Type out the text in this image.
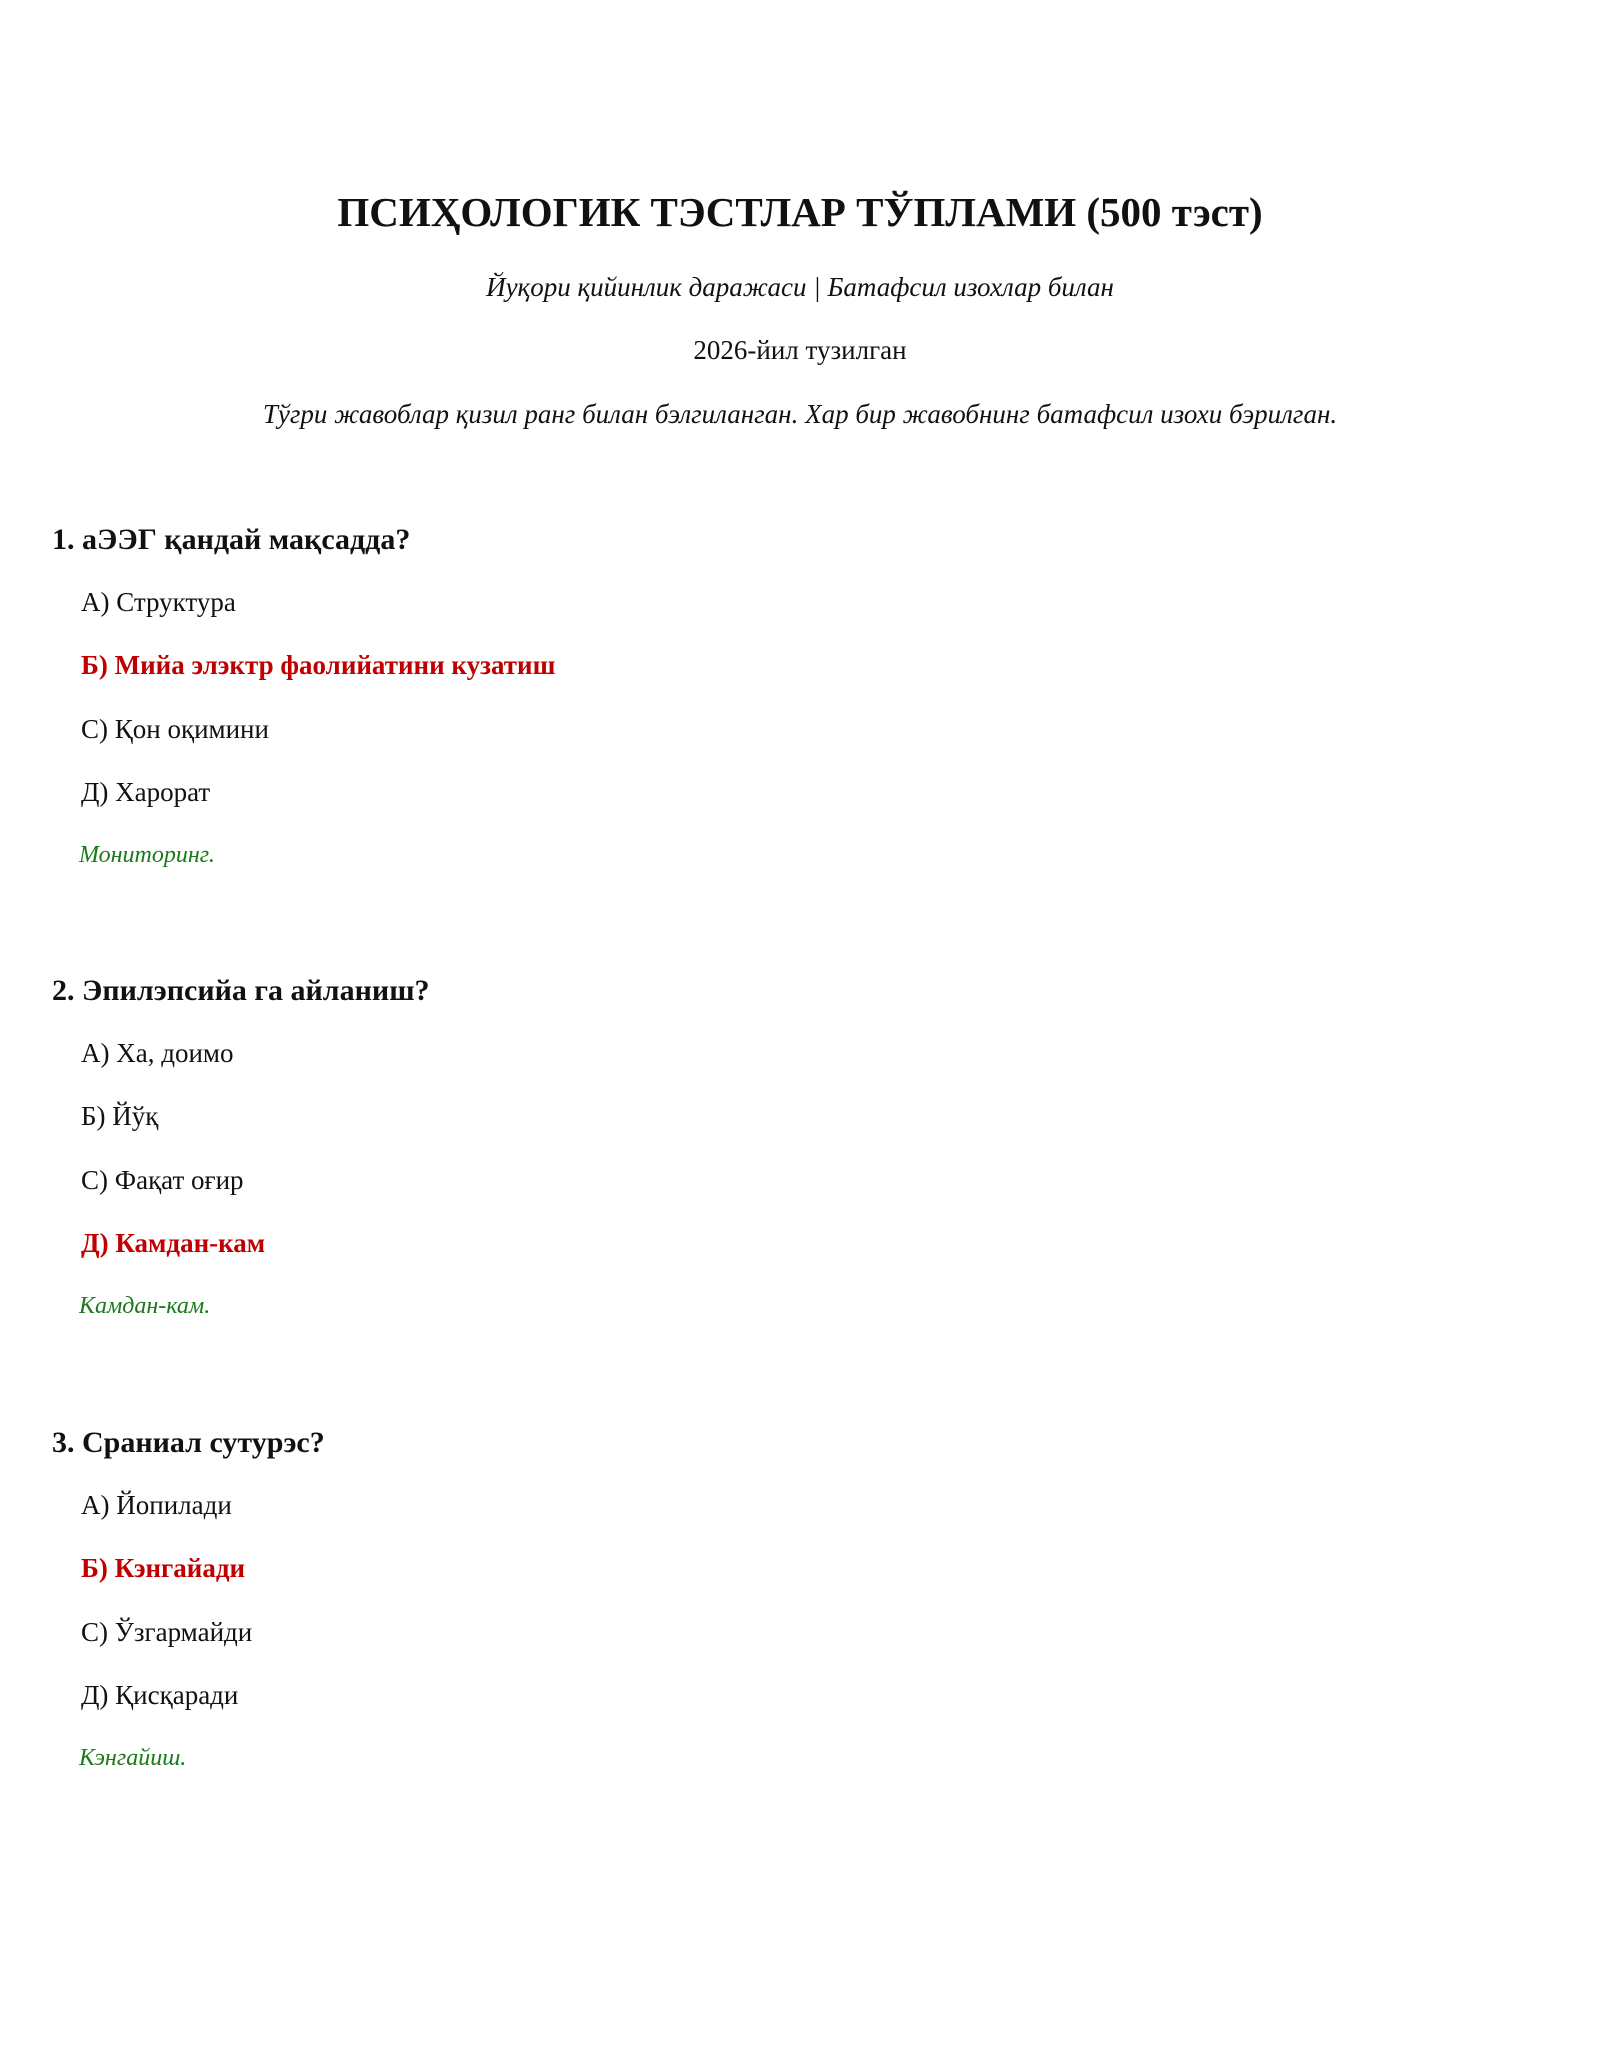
ПСИҲОЛОГИК ТЭСТЛАР ТЎПЛАМИ (500 тэст)
Йуқори қийинлик даражаси | Батафсил изохлар билан
2026-йил тузилган
Тўгри жавоблар қизил ранг билан бэлгиланган. Хар бир жавобнинг батафсил изохи бэрилган.
1. аЭЭГ қандай мақсадда?
А) Структура
Б) Мийа элэктр фаолийатини кузатиш
С) Қон оқимини
Д) Харорат
Мониторинг.
2. Эпилэпсийа га айланиш?
А) Ха, доимо
Б) Йўқ
С) Фақат оғир
Д) Камдан-кам
Камдан-кам.
3. Сраниал сутурэс?
А) Йопилади
Б) Кэнгайади
С) Ўзгармайди
Д) Қисқаради
Кэнгайиш.
